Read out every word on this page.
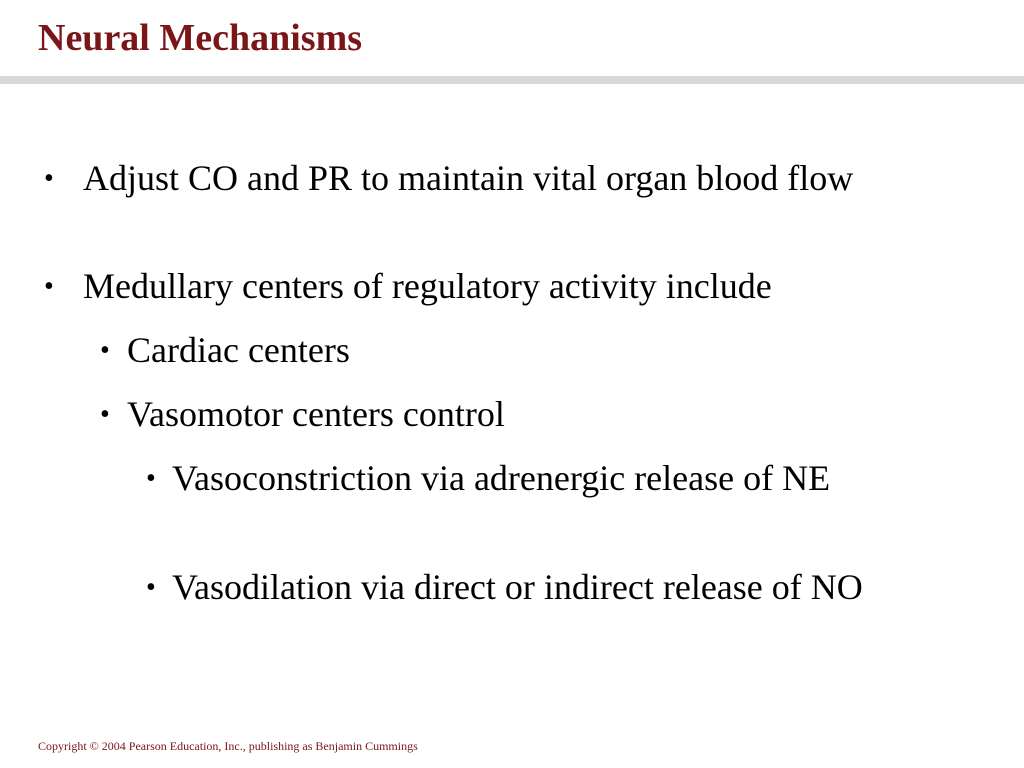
Neural Mechanisms
• Adjust CO and PR to maintain vital organ blood flow
• Medullary centers of regulatory activity include
• Cardiac centers
• Vasomotor centers control
• Vasoconstriction via adrenergic release of NE
• Vasodilation via direct or indirect release of NO
Copyright © 2004 Pearson Education, Inc., publishing as Benjamin Cummings
